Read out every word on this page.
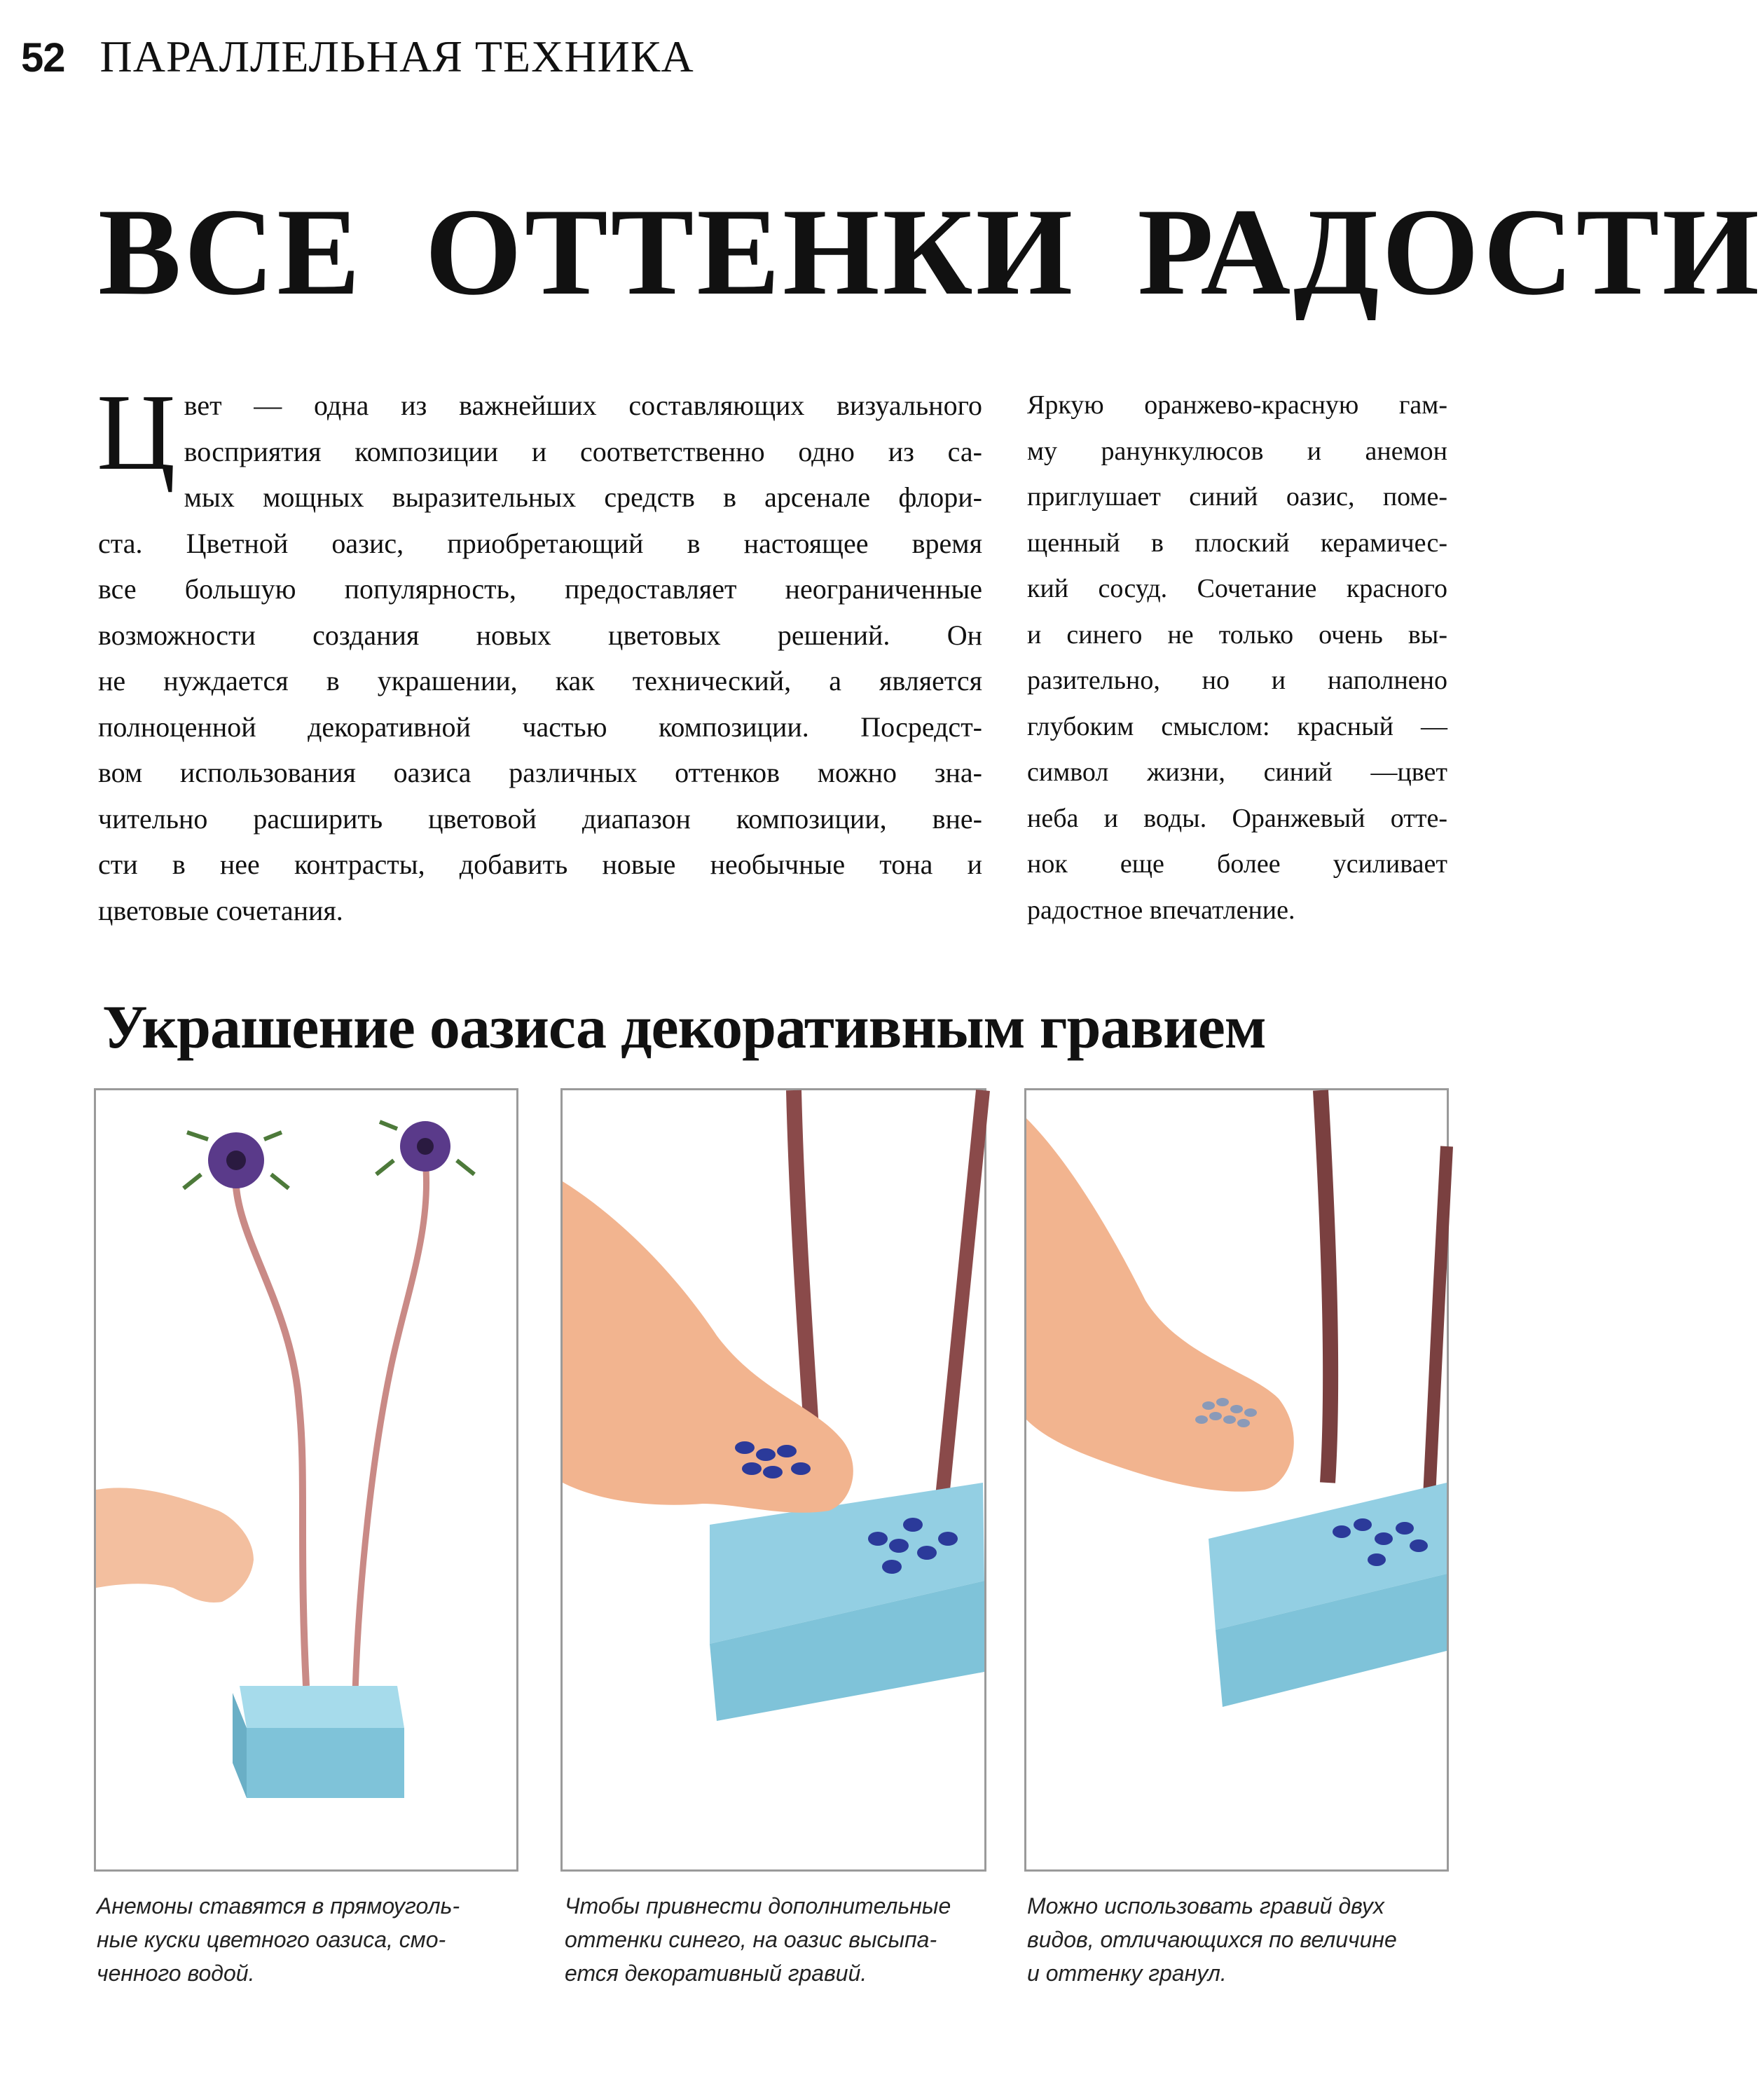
52 ПАРАЛЛЕЛЬНАЯ ТЕХНИКА
ВСЕ ОТТЕНКИ РАДОСТИ
Ц вет — одна из важнейших составляющих визуального
восприятия композиции и соответственно одно из са-
мых мощных выразительных средств в арсенале флори-
ста. Цветной оазис, приобретающий в настоящее время
все большую популярность, предоставляет неограниченные
возможности создания новых цветовых решений. Он
не нуждается в украшении, как технический, а является
полноценной декоративной частью композиции. Посредст-
вом использования оазиса различных оттенков можно зна-
чительно расширить цветовой диапазон композиции, вне-
сти в нее контрасты, добавить новые необычные тона и
цветовые сочетания.
Яркую оранжево-красную гам-
му ранункулюсов и анемон
приглушает синий оазис, поме-
щенный в плоский керамичес-
кий сосуд. Сочетание красного
и синего не только очень вы-
разительно, но и наполнено
глубоким смыслом: красный —
символ жизни, синий —цвет
неба и воды. Оранжевый отте-
нок еще более усиливает
радостное впечатление.
Украшение оазиса декоративным гравием
Анемоны ставятся в прямоуголь-
ные куски цветного оазиса, смо-
ченного водой.
Чтобы привнести дополнительные
оттенки синего, на оазис высыпа-
ется декоративный гравий.
Можно использовать гравий двух
видов, отличающихся по величине
и оттенку гранул.
